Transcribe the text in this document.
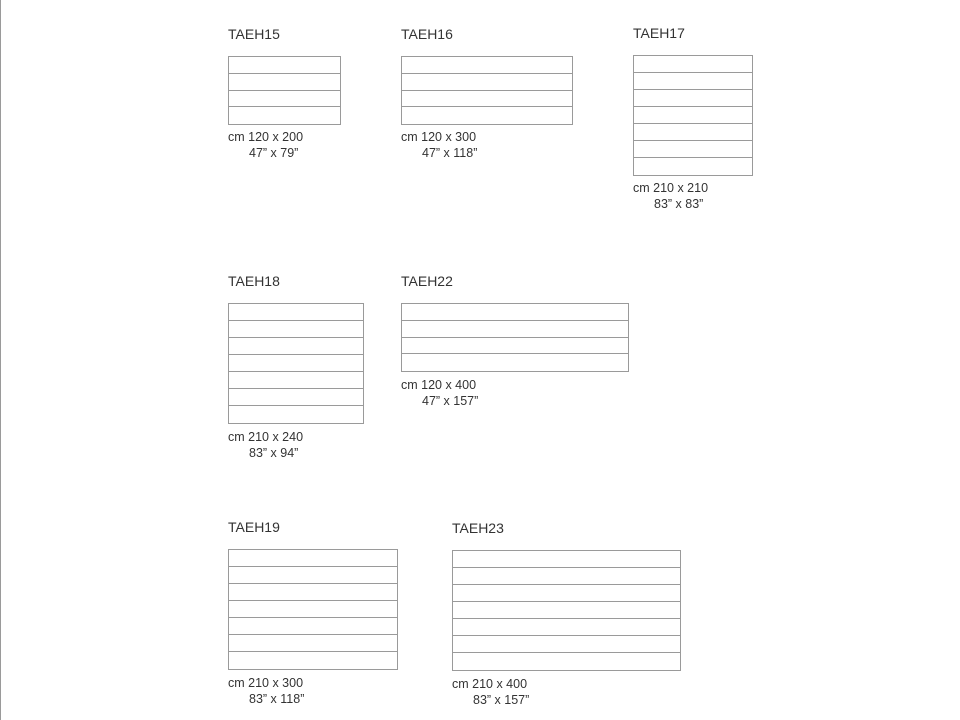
TAEH15
cm 120 x 200
47” x 79”
TAEH16
cm 120 x 300
47” x 118”
TAEH17
cm 210 x 210
83” x 83”
TAEH18
cm 210 x 240
83” x 94”
TAEH22
cm 120 x 400
47” x 157”
TAEH19
cm 210 x 300
83” x 118”
TAEH23
cm 210 x 400
83” x 157”
